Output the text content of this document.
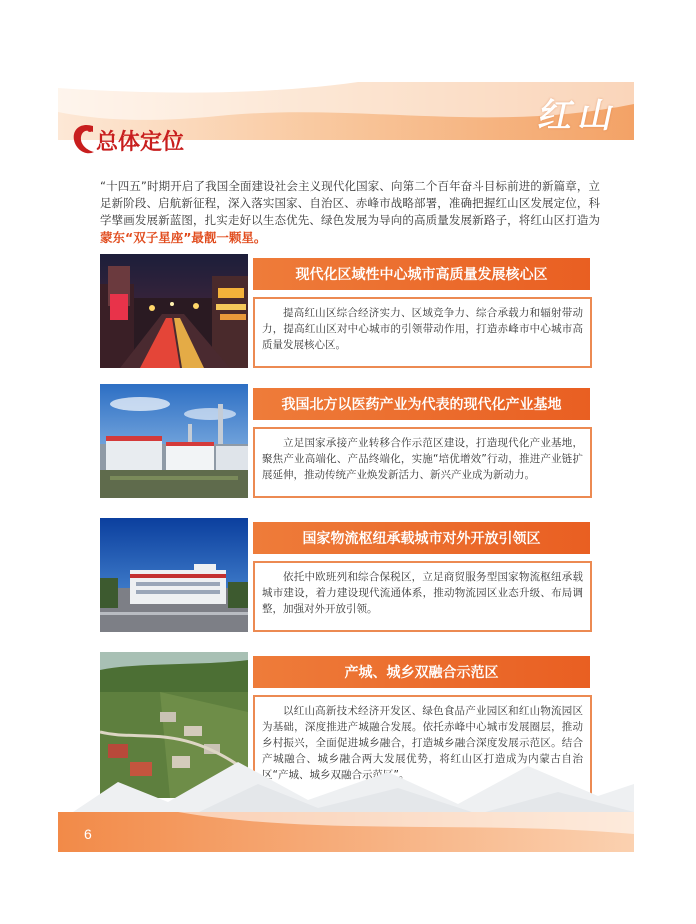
红山
总体定位

“十四五”时期开启了我国全面建设社会主义现代化国家、向第二个百年奋斗目标前进的新篇章，立足新阶段、启航新征程，深入落实国家、自治区、赤峰市战略部署，准确把握红山区发展定位，科学擘画发展新蓝图，扎实走好以生态优先、绿色发展为导向的高质量发展新路子，将红山区打造为蒙东“双子星座”最靓一颗星。

现代化区域性中心城市高质量发展核心区
提高红山区综合经济实力、区域竞争力、综合承载力和辐射带动力，提高红山区对中心城市的引领带动作用，打造赤峰市中心城市高质量发展核心区。
我国北方以医药产业为代表的现代化产业基地
立足国家承接产业转移合作示范区建设，打造现代化产业基地，聚焦产业高端化、产品终端化，实施“培优增效”行动，推进产业链扩展延伸，推动传统产业焕发新活力、新兴产业成为新动力。
国家物流枢纽承载城市对外开放引领区
依托中欧班列和综合保税区，立足商贸服务型国家物流枢纽承载城市建设，着力建设现代流通体系，推动物流园区业态升级、布局调整，加强对外开放引领。
产城、城乡双融合示范区
以红山高新技术经济开发区、绿色食品产业园区和红山物流园区为基础，深度推进产城融合发展。依托赤峰中心城市发展圈层，推动乡村振兴，全面促进城乡融合，打造城乡融合深度发展示范区。结合产城融合、城乡融合两大发展优势，将红山区打造成为内蒙古自治区“产城、城乡双融合示范区”。
6
